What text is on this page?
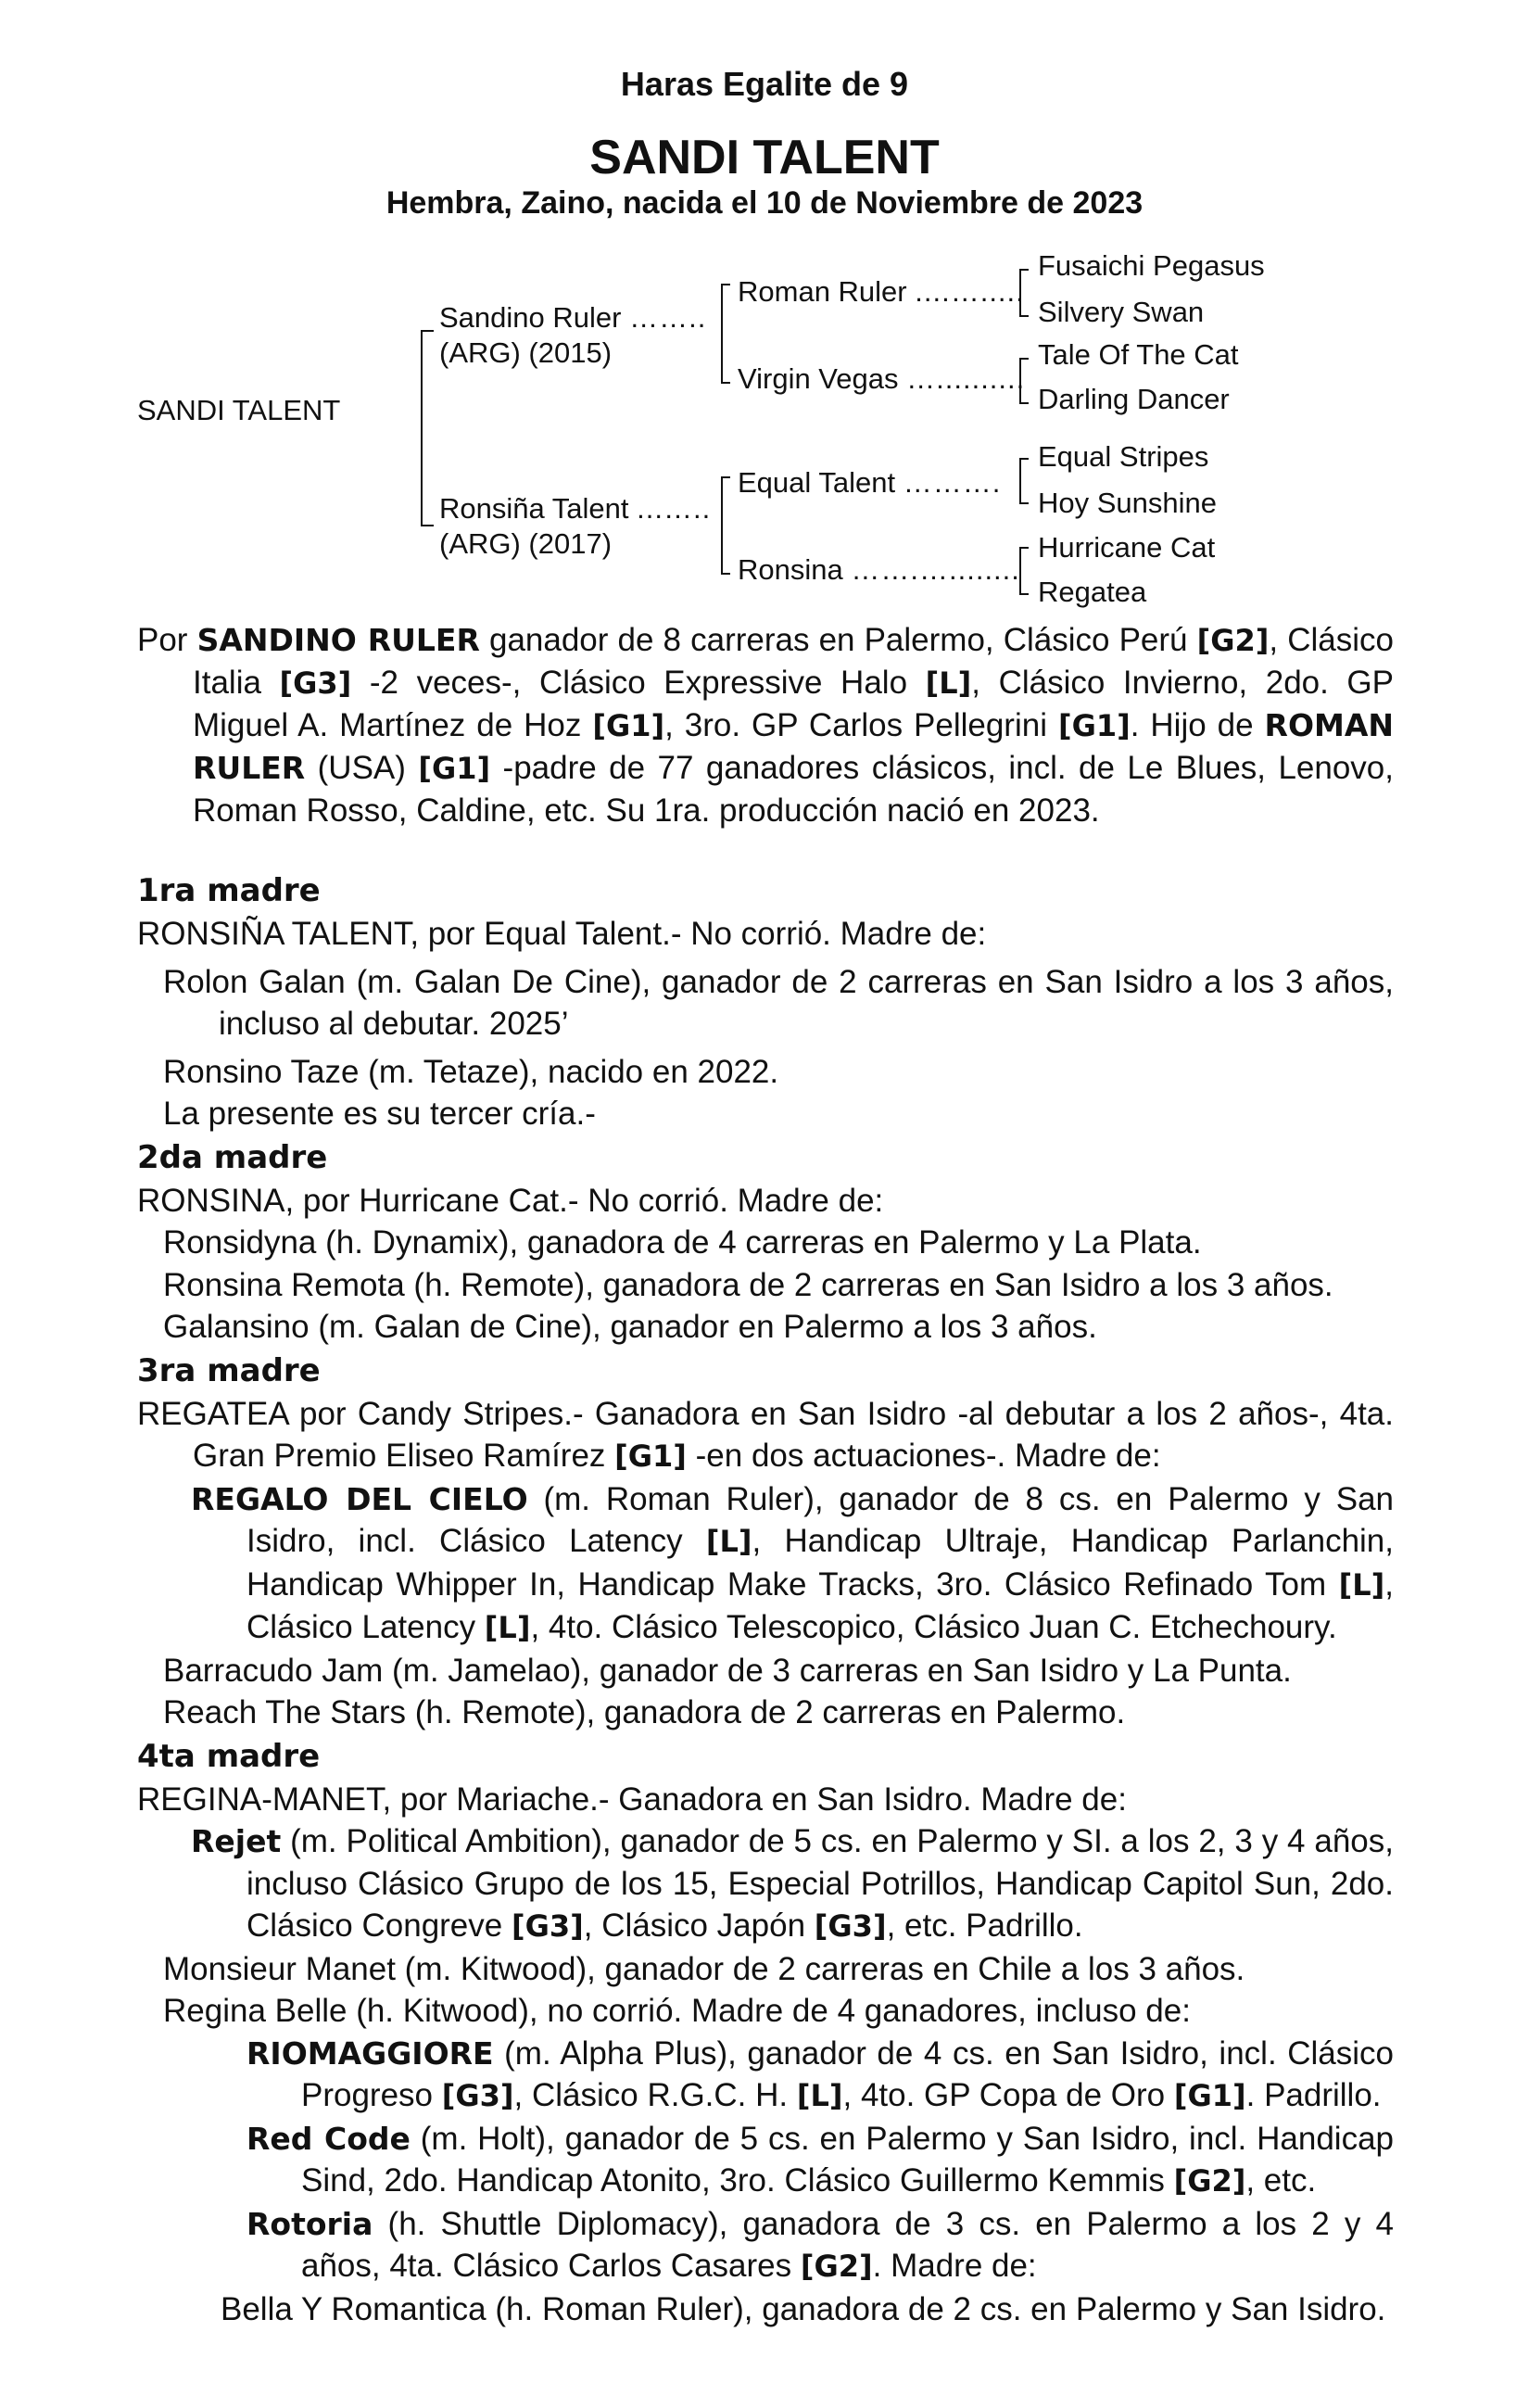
Haras Egalite de 9
SANDI TALENT
Hembra, Zaino, nacida el 10 de Noviembre de 2023
SANDI TALENT
Sandino Ruler ……..
(ARG) (2015)
Ronsiña Talent ...…..
(ARG) (2017)
Roman Ruler ....….....
Virgin Vegas …..........
Equal Talent ……….
Ronsina …….…........
Fusaichi Pegasus
Silvery Swan
Tale Of The Cat
Darling Dancer
Equal Stripes
Hoy Sunshine
Hurricane Cat
Regatea
Por SANDINO RULER ganador de 8 carreras en Palermo, Clásico Perú [G2], Clásico Italia [G3] -2 veces-, Clásico Expressive Halo [L], Clásico Invierno, 2do. GP Miguel A. Martínez de Hoz [G1], 3ro. GP Carlos Pellegrini [G1]. Hijo de ROMAN RULER (USA) [G1] -padre de 77 ganadores clásicos, incl. de Le Blues, Lenovo, Roman Rosso, Caldine, etc. Su 1ra. producción nació en 2023.
1ra madre
RONSIÑA TALENT, por Equal Talent.- No corrió. Madre de:
Rolon Galan (m. Galan De Cine), ganador de 2 carreras en San Isidro a los 3 años, incluso al debutar. 2025’
Ronsino Taze (m. Tetaze), nacido en 2022.
La presente es su tercer cría.-
2da madre
RONSINA, por Hurricane Cat.- No corrió. Madre de:
Ronsidyna (h. Dynamix), ganadora de 4 carreras en Palermo y La Plata.
Ronsina Remota (h. Remote), ganadora de 2 carreras en San Isidro a los 3 años.
Galansino (m. Galan de Cine), ganador en Palermo a los 3 años.
3ra madre
REGATEA por Candy Stripes.- Ganadora en San Isidro -al debutar a los 2 años-, 4ta. Gran Premio Eliseo Ramírez [G1] -en dos actuaciones-. Madre de:
REGALO DEL CIELO (m. Roman Ruler), ganador de 8 cs. en Palermo y San Isidro, incl. Clásico Latency [L], Handicap Ultraje, Handicap Parlanchin, Handicap Whipper In, Handicap Make Tracks, 3ro. Clásico Refinado Tom [L], Clásico Latency [L], 4to. Clásico Telescopico, Clásico Juan C. Etchechoury.
Barracudo Jam (m. Jamelao), ganador de 3 carreras en San Isidro y La Punta.
Reach The Stars (h. Remote), ganadora de 2 carreras en Palermo.
4ta madre
REGINA-MANET, por Mariache.- Ganadora en San Isidro. Madre de:
Rejet (m. Political Ambition), ganador de 5 cs. en Palermo y SI. a los 2, 3 y 4 años, incluso Clásico Grupo de los 15, Especial Potrillos, Handicap Capitol Sun, 2do. Clásico Congreve [G3], Clásico Japón [G3], etc. Padrillo.
Monsieur Manet (m. Kitwood), ganador de 2 carreras en Chile a los 3 años.
Regina Belle (h. Kitwood), no corrió. Madre de 4 ganadores, incluso de:
RIOMAGGIORE (m. Alpha Plus), ganador de 4 cs. en San Isidro, incl. Clásico Progreso [G3], Clásico R.G.C. H. [L], 4to. GP Copa de Oro [G1]. Padrillo.
Red Code (m. Holt), ganador de 5 cs. en Palermo y San Isidro, incl. Handicap Sind, 2do. Handicap Atonito, 3ro. Clásico Guillermo Kemmis [G2], etc.
Rotoria (h. Shuttle Diplomacy), ganadora de 3 cs. en Palermo a los 2 y 4 años, 4ta. Clásico Carlos Casares [G2]. Madre de:
Bella Y Romantica (h. Roman Ruler), ganadora de 2 cs. en Palermo y San Isidro.
